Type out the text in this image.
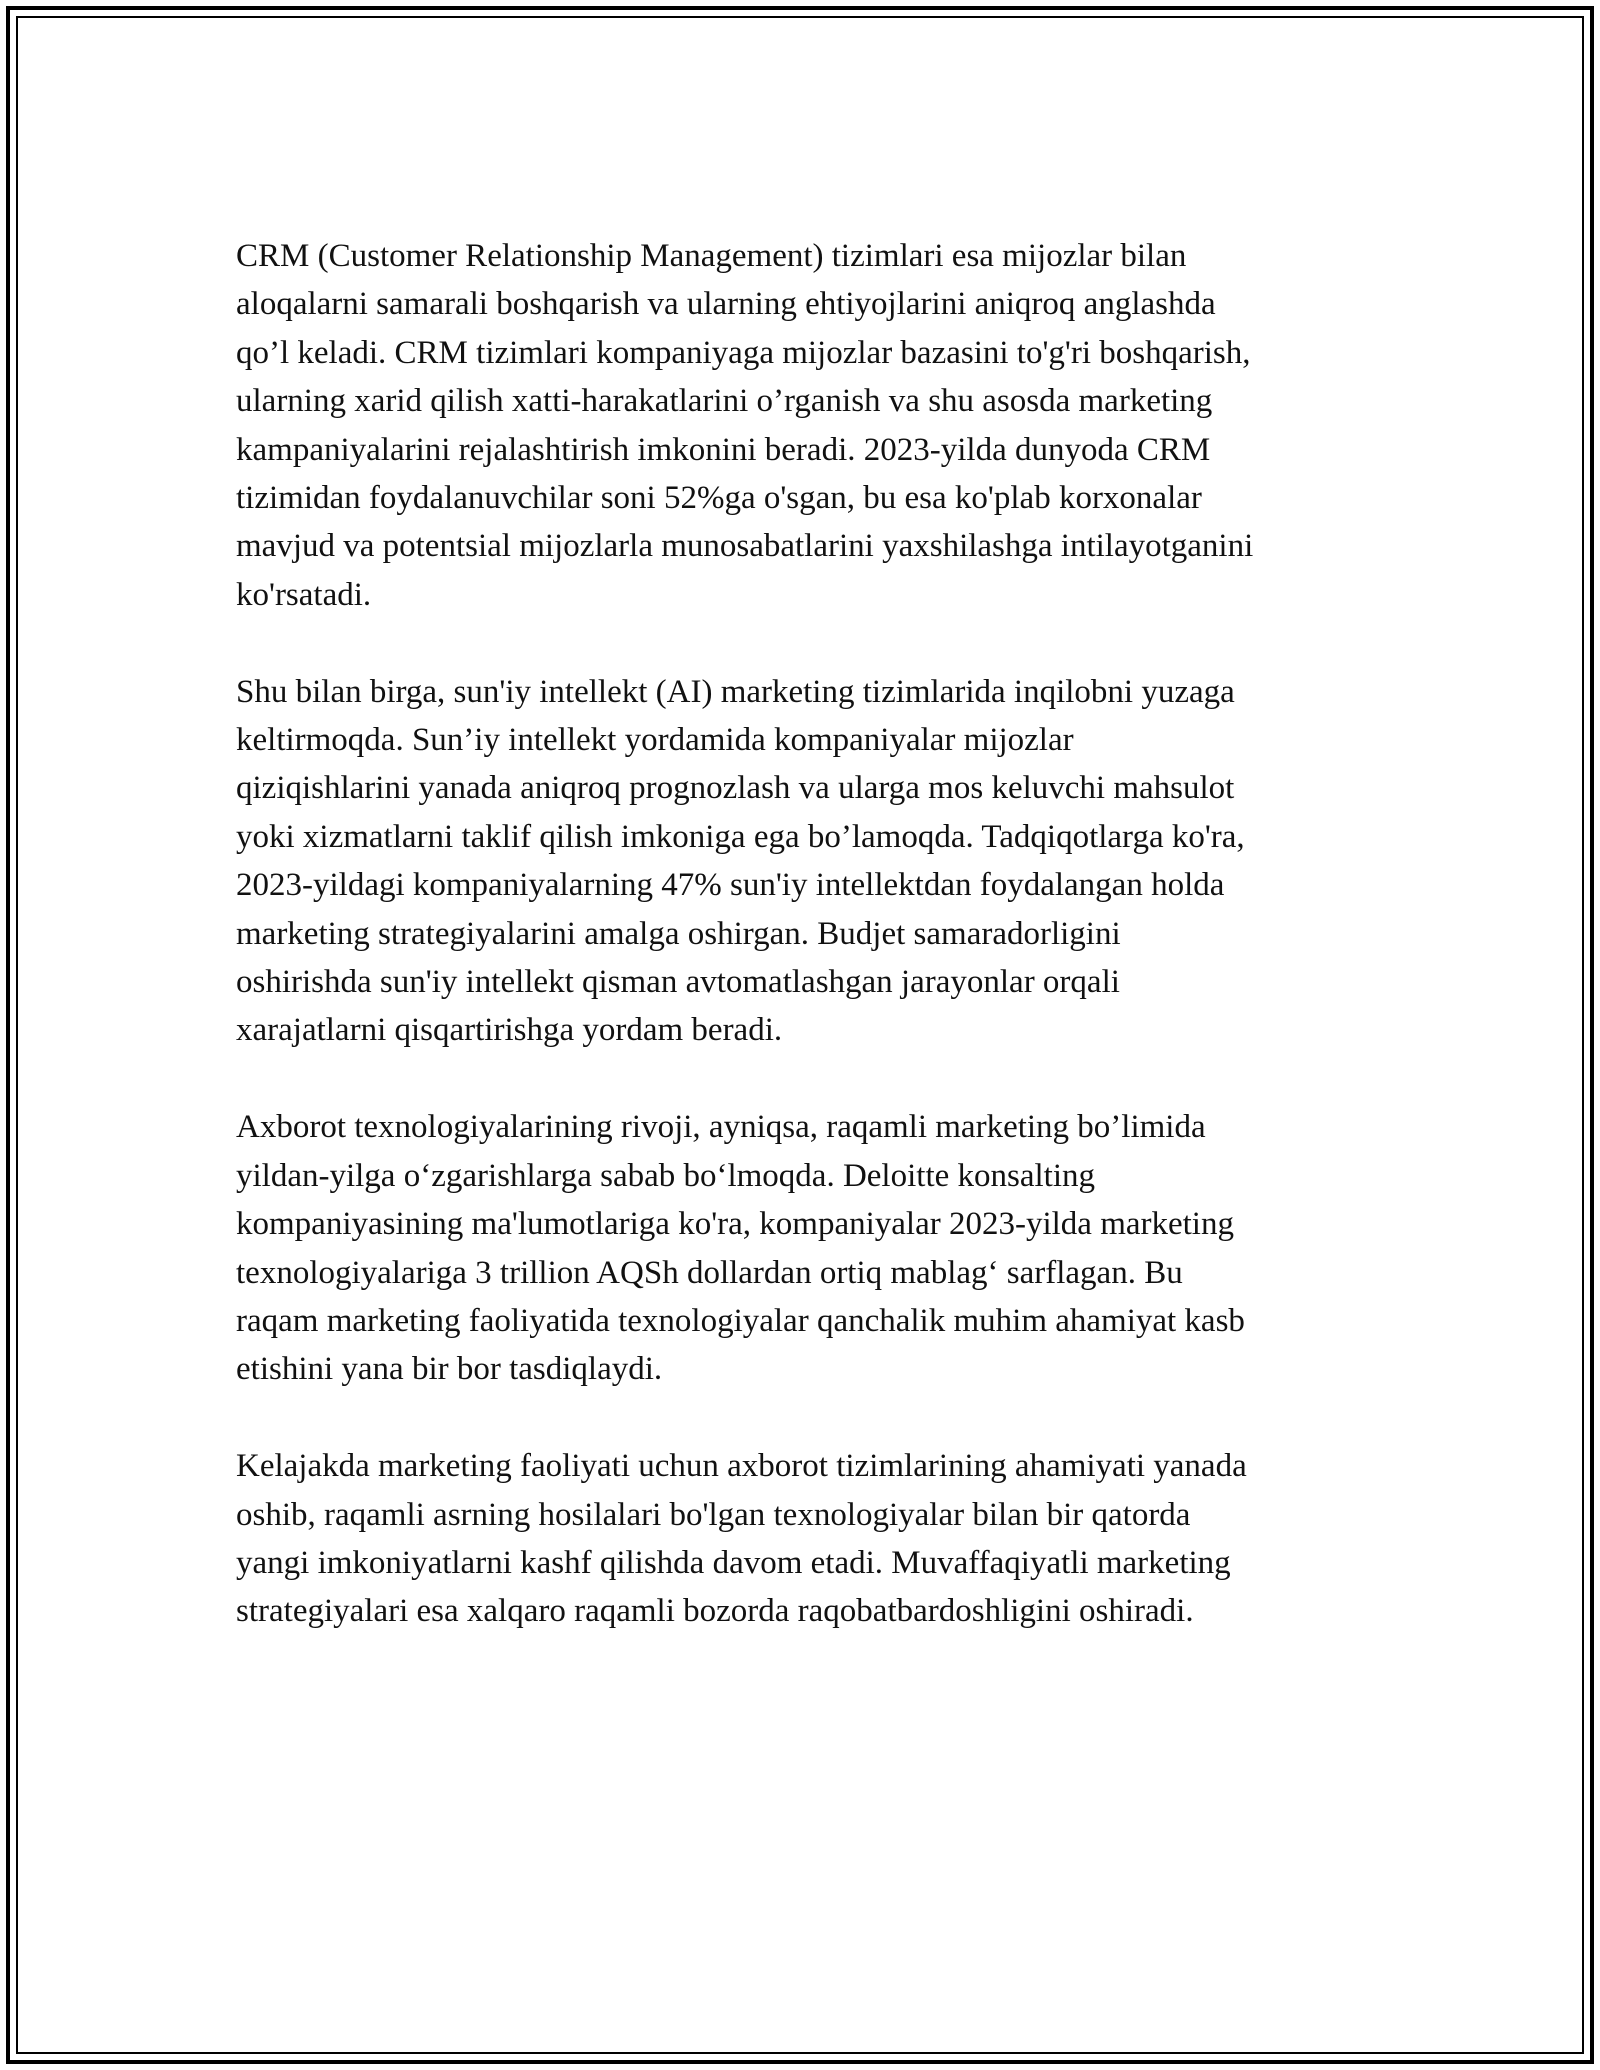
CRM (Customer Relationship Management) tizimlari esa mijozlar bilan
aloqalarni samarali boshqarish va ularning ehtiyojlarini aniqroq anglashda
qo’l keladi. CRM tizimlari kompaniyaga mijozlar bazasini to'g'ri boshqarish,
ularning xarid qilish xatti-harakatlarini o’rganish va shu asosda marketing
kampaniyalarini rejalashtirish imkonini beradi. 2023-yilda dunyoda CRM
tizimidan foydalanuvchilar soni 52%ga o'sgan, bu esa ko'plab korxonalar
mavjud va potentsial mijozlarla munosabatlarini yaxshilashga intilayotganini
ko'rsatadi.

Shu bilan birga, sun'iy intellekt (AI) marketing tizimlarida inqilobni yuzaga
keltirmoqda. Sun’iy intellekt yordamida kompaniyalar mijozlar
qiziqishlarini yanada aniqroq prognozlash va ularga mos keluvchi mahsulot
yoki xizmatlarni taklif qilish imkoniga ega bo’lamoqda. Tadqiqotlarga ko'ra,
2023-yildagi kompaniyalarning 47% sun'iy intellektdan foydalangan holda
marketing strategiyalarini amalga oshirgan. Budjet samaradorligini
oshirishda sun'iy intellekt qisman avtomatlashgan jarayonlar orqali
xarajatlarni qisqartirishga yordam beradi.

Axborot texnologiyalarining rivoji, ayniqsa, raqamli marketing bo’limida
yildan-yilga o‘zgarishlarga sabab bo‘lmoqda. Deloitte konsalting
kompaniyasining ma'lumotlariga ko'ra, kompaniyalar 2023-yilda marketing
texnologiyalariga 3 trillion AQSh dollardan ortiq mablag‘ sarflagan. Bu
raqam marketing faoliyatida texnologiyalar qanchalik muhim ahamiyat kasb
etishini yana bir bor tasdiqlaydi.

Kelajakda marketing faoliyati uchun axborot tizimlarining ahamiyati yanada
oshib, raqamli asrning hosilalari bo'lgan texnologiyalar bilan bir qatorda
yangi imkoniyatlarni kashf qilishda davom etadi. Muvaffaqiyatli marketing
strategiyalari esa xalqaro raqamli bozorda raqobatbardoshligini oshiradi.
